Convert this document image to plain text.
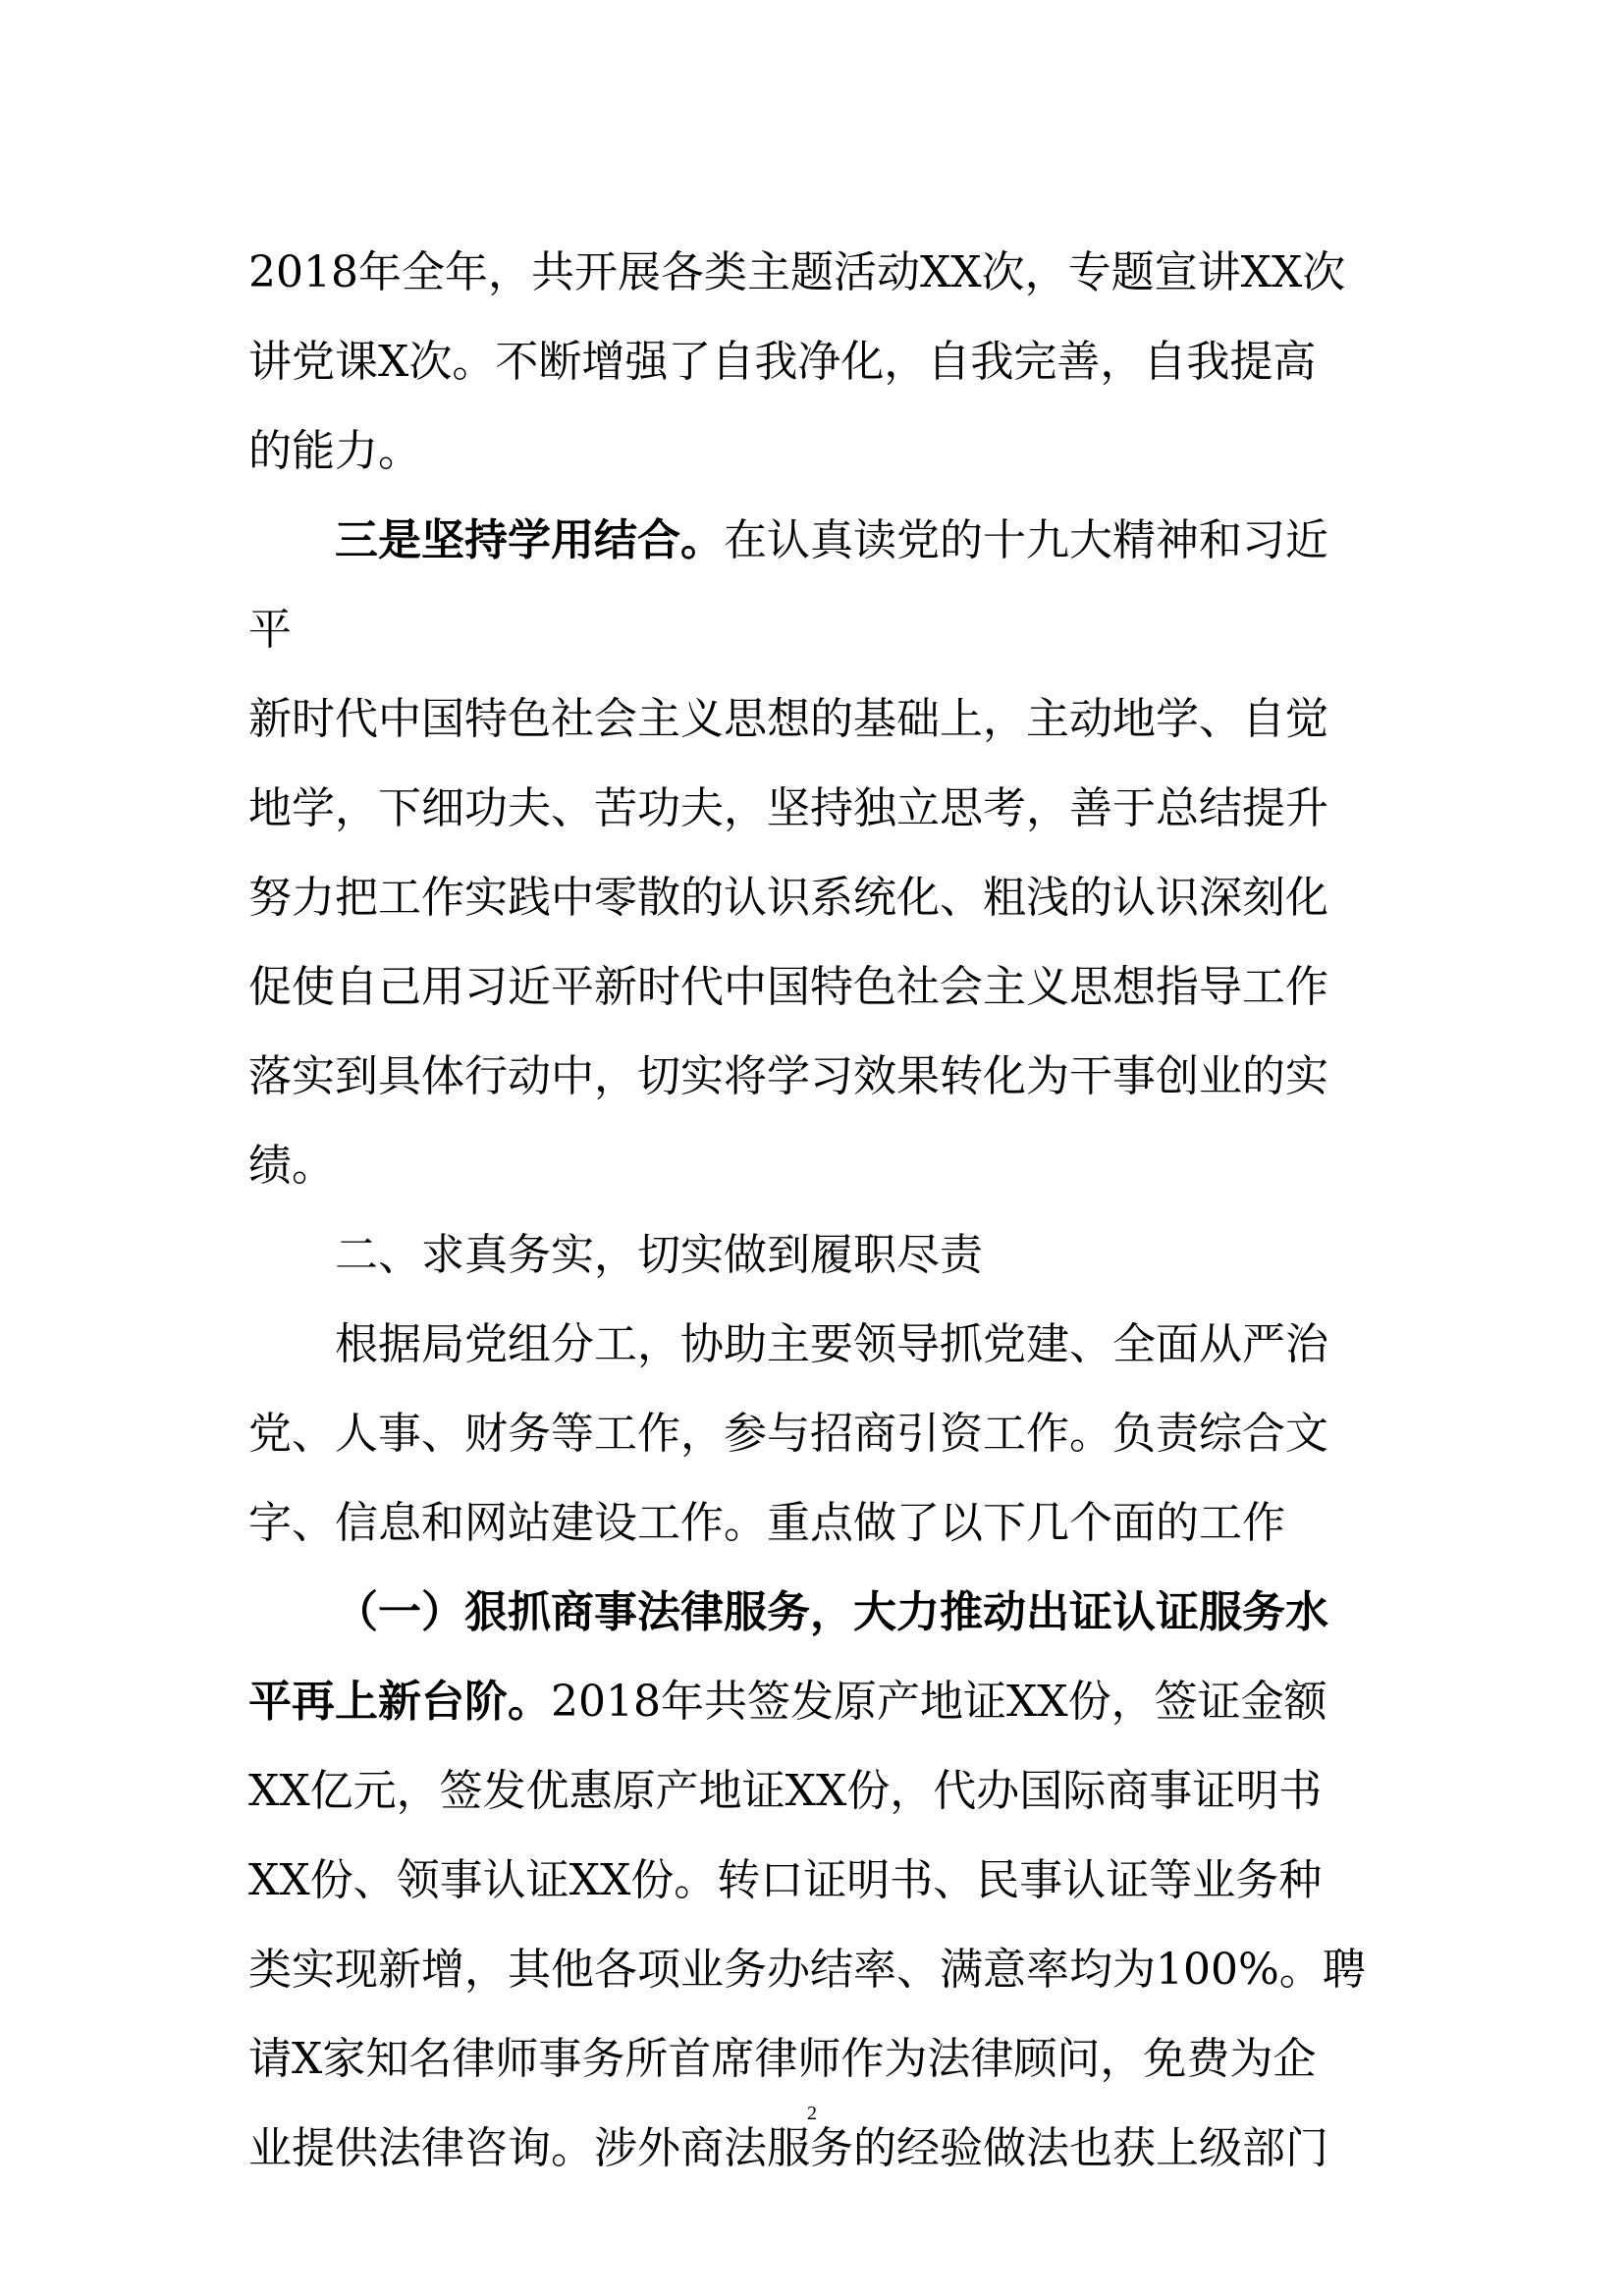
2018年全年，共开展各类主题活动XX次，专题宣讲XX次
讲党课X次。不断增强了自我净化，自我完善，自我提高
的能力。
三是坚持学用结合。在认真读党的十九大精神和习近
平
新时代中国特色社会主义思想的基础上，主动地学、自觉
地学，下细功夫、苦功夫，坚持独立思考，善于总结提升
努力把工作实践中零散的认识系统化、粗浅的认识深刻化
促使自己用习近平新时代中国特色社会主义思想指导工作
落实到具体行动中，切实将学习效果转化为干事创业的实
绩。
二、求真务实，切实做到履职尽责
根据局党组分工，协助主要领导抓党建、全面从严治
党、人事、财务等工作，参与招商引资工作。负责综合文
字、信息和网站建设工作。重点做了以下几个面的工作
（一）狠抓商事法律服务，大力推动出证认证服务水
平再上新台阶。2018年共签发原产地证XX份，签证金额
XX亿元，签发优惠原产地证XX份，代办国际商事证明书
XX份、领事认证XX份。转口证明书、民事认证等业务种
类实现新增，其他各项业务办结率、满意率均为100%。聘
请X家知名律师事务所首席律师作为法律顾问，免费为企
业提供法律咨询。涉外商法服务的经验做法也获上级部门
2
